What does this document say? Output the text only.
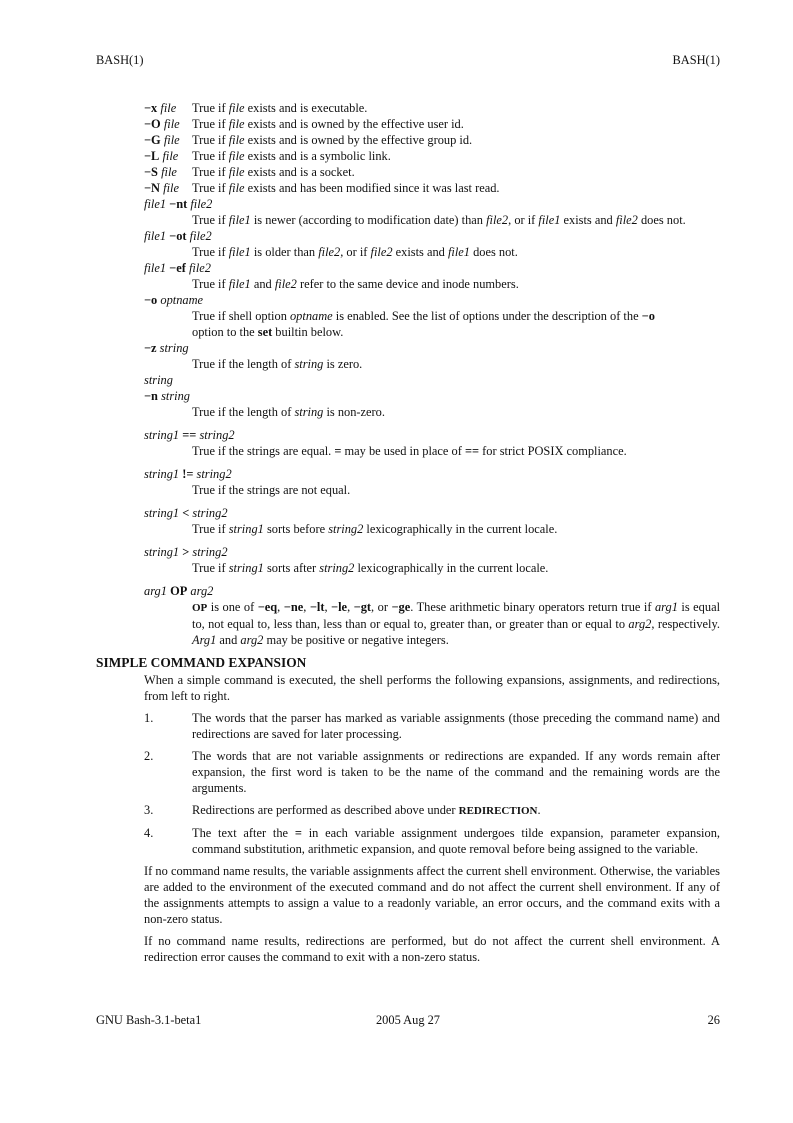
BASH(1)	BASH(1)
−x file	True if file exists and is executable.
−O file True if file exists and is owned by the effective user id.
−G file True if file exists and is owned by the effective group id.
−L file	True if file exists and is a symbolic link.
−S file	True if file exists and is a socket.
−N file	True if file exists and has been modified since it was last read.
file1 −nt file2
True if file1 is newer (according to modification date) than file2, or if file1 exists and file2 does not.
file1 −ot file2
True if file1 is older than file2, or if file2 exists and file1 does not.
file1 −ef file2
True if file1 and file2 refer to the same device and inode numbers.
−o optname
True if shell option optname is enabled. See the list of options under the description of the −o
option to the set builtin below.
−z string
True if the length of string is zero.
string
−n string
True if the length of string is non-zero.
string1 == string2
True if the strings are equal. = may be used in place of == for strict POSIX compliance.
string1 != string2
True if the strings are not equal.
string1 < string2
True if string1 sorts before string2 lexicographically in the current locale.
string1 > string2
True if string1 sorts after string2 lexicographically in the current locale.
arg1 OP arg2
OP is one of −eq, −ne, −lt, −le, −gt, or −ge. These arithmetic binary operators return true if arg1 is equal to, not equal to, less than, less than or equal to, greater than, or greater than or equal to arg2, respectively. Arg1 and arg2 may be positive or negative integers.
SIMPLE COMMAND EXPANSION
When a simple command is executed, the shell performs the following expansions, assignments, and redirections, from left to right.
1.	The words that the parser has marked as variable assignments (those preceding the command name) and redirections are saved for later processing.
2.	The words that are not variable assignments or redirections are expanded. If any words remain after expansion, the first word is taken to be the name of the command and the remaining words are the arguments.
3.	Redirections are performed as described above under REDIRECTION.
4.	The text after the = in each variable assignment undergoes tilde expansion, parameter expansion, command substitution, arithmetic expansion, and quote removal before being assigned to the variable.
If no command name results, the variable assignments affect the current shell environment. Otherwise, the variables are added to the environment of the executed command and do not affect the current shell environment. If any of the assignments attempts to assign a value to a readonly variable, an error occurs, and the command exits with a non-zero status.
If no command name results, redirections are performed, but do not affect the current shell environment. A redirection error causes the command to exit with a non-zero status.
GNU Bash-3.1-beta1	2005 Aug 27	26
